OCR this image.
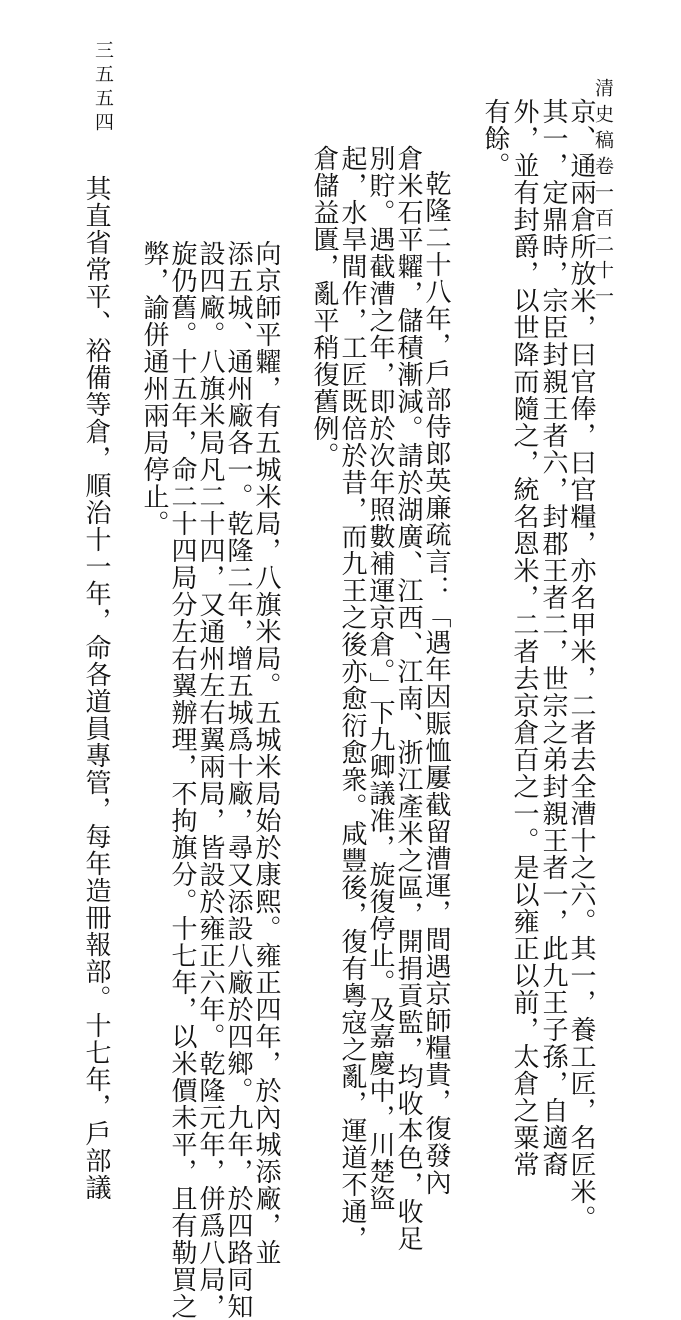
清史稿卷一百二十一
三五五四
京、通兩倉所放米，曰官俸，曰官糧，亦名甲米，二者去全漕十之六。其一，養工匠，名匠米。
其一，定鼎時，宗臣封親王者六，封郡王者二，世宗之弟封親王者一，此九王子孫，自適裔
外，並有封爵，以世降而隨之，統名恩米，二者去京倉百之一。是以雍正以前，太倉之粟常
有餘。
乾隆二十八年，戶部侍郎英廉疏言：「遇年因賑恤屢截留漕運，間遇京師糧貴，復發內
倉米石平糶，儲積漸減。請於湖廣、江西、江南、浙江產米之區，開捐貢監，均收本色，收足
別貯。遇截漕之年，即於次年照數補運京倉。」下九卿議准，旋復停止。及嘉慶中，川楚盜
起，水旱間作，工匠既倍於昔，而九王之後亦愈衍愈衆。咸豐後，復有粵寇之亂，運道不通，
倉儲益匱，亂平稍復舊例。
向京師平糶，有五城米局，八旗米局。五城米局始於康熙。雍正四年，於內城添廠，並
添五城、通州廠各一。乾隆二年，增五城爲十廠，尋又添設八廠於四鄉。九年，於四路同知
設四廠。八旗米局凡二十四，又通州左右翼兩局，皆設於雍正六年。乾隆元年，併爲八局，
旋仍舊。十五年，命二十四局分左右翼辦理，不拘旗分。十七年，以米價未平，且有勒買之
弊，諭併通州兩局停止。
其直省常平、裕備等倉，順治十一年，命各道員專管，每年造冊報部。十七年，戶部議
